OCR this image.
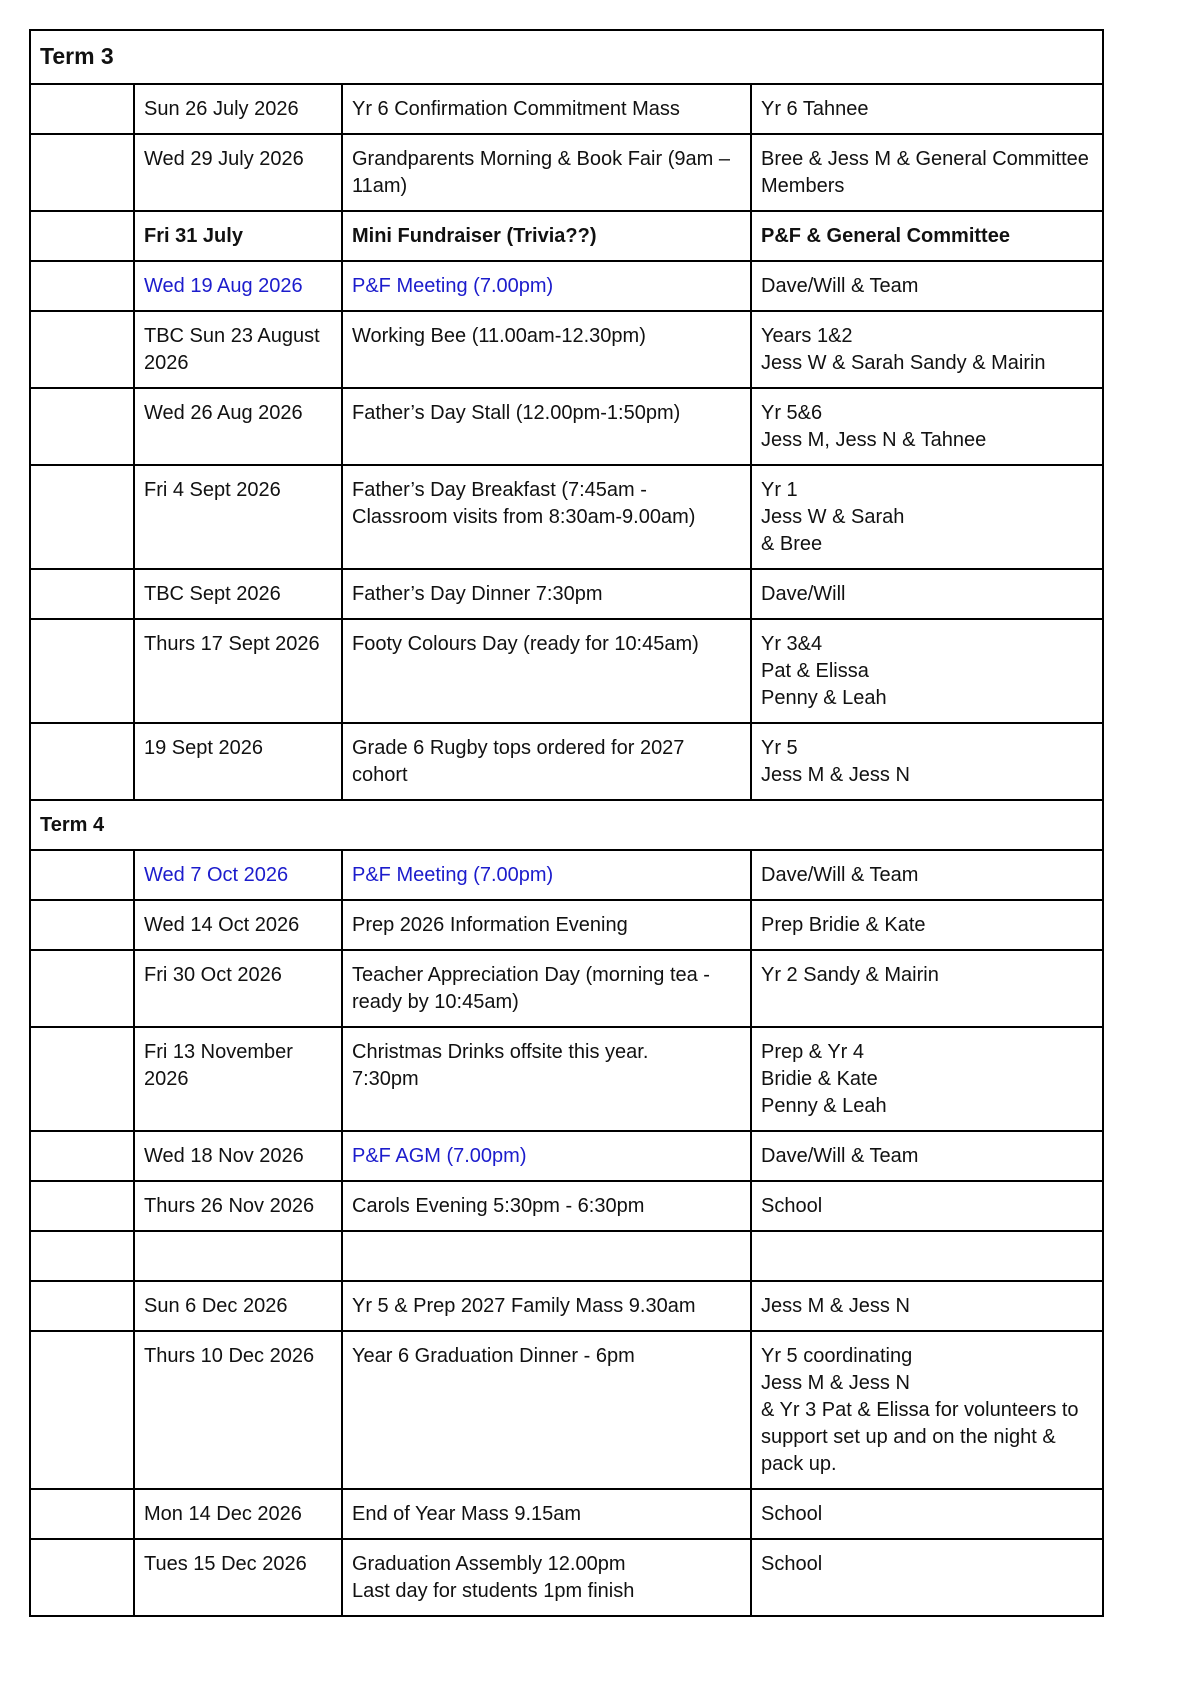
Term 3			

	Sun 26 July 2026	Yr 6 Confirmation Commitment Mass	Yr 6 Tahnee

	Wed 29 July 2026	Grandparents Morning & Book Fair (9am –
11am)	Bree & Jess M & General Committee
Members

	Fri 31 July	Mini Fundraiser (Trivia??)	P&F & General Committee

	Wed 19 Aug 2026	P&F Meeting (7.00pm)	Dave/Will & Team

	TBC Sun 23 August
2026	Working Bee (11.00am-12.30pm)	Years 1&2
Jess W & Sarah Sandy & Mairin

	Wed 26 Aug 2026	Father’s Day Stall (12.00pm-1:50pm)	Yr 5&6
Jess M, Jess N & Tahnee

	Fri 4 Sept 2026	Father’s Day Breakfast (7:45am -
Classroom visits from 8:30am-9.00am)	Yr 1
Jess W & Sarah
& Bree

	TBC Sept 2026	Father’s Day Dinner 7:30pm	Dave/Will

	Thurs 17 Sept 2026	Footy Colours Day (ready for 10:45am)	Yr 3&4
Pat & Elissa
Penny & Leah

	19 Sept 2026	Grade 6 Rugby tops ordered for 2027
cohort	Yr 5
Jess M & Jess N

Term 4			

	Wed 7 Oct 2026	P&F Meeting (7.00pm)	Dave/Will & Team

	Wed 14 Oct 2026	Prep 2026 Information Evening	Prep Bridie & Kate

	Fri 30 Oct 2026	Teacher Appreciation Day (morning tea -
ready by 10:45am)	Yr 2 Sandy & Mairin

	Fri 13 November
2026	Christmas Drinks offsite this year.
7:30pm	Prep & Yr 4
Bridie & Kate
Penny & Leah

	Wed 18 Nov 2026	P&F AGM (7.00pm)	Dave/Will & Team

	Thurs 26 Nov 2026	Carols Evening 5:30pm - 6:30pm	School

	Sun 6 Dec 2026	Yr 5 & Prep 2027 Family Mass 9.30am	Jess M & Jess N

	Thurs 10 Dec 2026	Year 6 Graduation Dinner - 6pm	Yr 5 coordinating
Jess M & Jess N
& Yr 3 Pat & Elissa for volunteers to
support set up and on the night &
pack up.

	Mon 14 Dec 2026	End of Year Mass 9.15am	School

	Tues 15 Dec 2026	Graduation Assembly 12.00pm
Last day for students 1pm finish	School
